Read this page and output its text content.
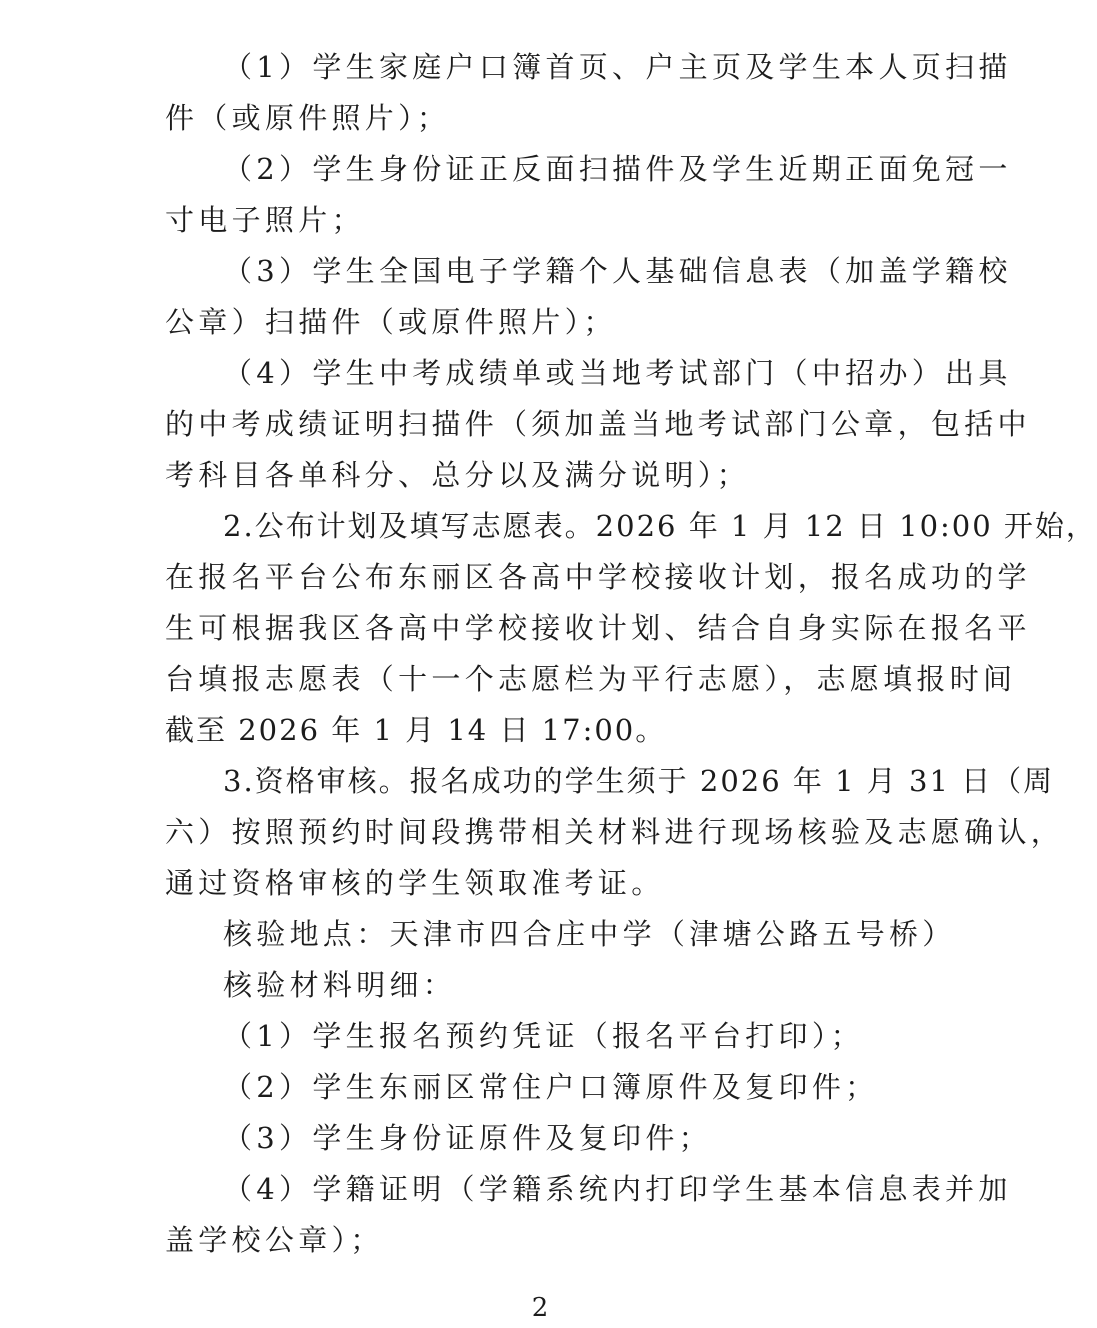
（1）学生家庭户口簿首页、户主页及学生本人页扫描
件（或原件照片）；
（2）学生身份证正反面扫描件及学生近期正面免冠一
寸电子照片；
（3）学生全国电子学籍个人基础信息表（加盖学籍校
公章）扫描件（或原件照片）；
（4）学生中考成绩单或当地考试部门（中招办）出具
的中考成绩证明扫描件（须加盖当地考试部门公章，包括中
考科目各单科分、总分以及满分说明）；
2.公布计划及填写志愿表。2026 年 1 月 12 日 10:00 开始，
在报名平台公布东丽区各高中学校接收计划，报名成功的学
生可根据我区各高中学校接收计划、结合自身实际在报名平
台填报志愿表（十一个志愿栏为平行志愿），志愿填报时间
截至 2026 年 1 月 14 日 17:00。
3.资格审核。报名成功的学生须于 2026 年 1 月 31 日（周
六）按照预约时间段携带相关材料进行现场核验及志愿确认，
通过资格审核的学生领取准考证。
核验地点：天津市四合庄中学（津塘公路五号桥）
核验材料明细：
（1）学生报名预约凭证（报名平台打印）；
（2）学生东丽区常住户口簿原件及复印件；
（3）学生身份证原件及复印件；
（4）学籍证明（学籍系统内打印学生基本信息表并加
盖学校公章）；
2
